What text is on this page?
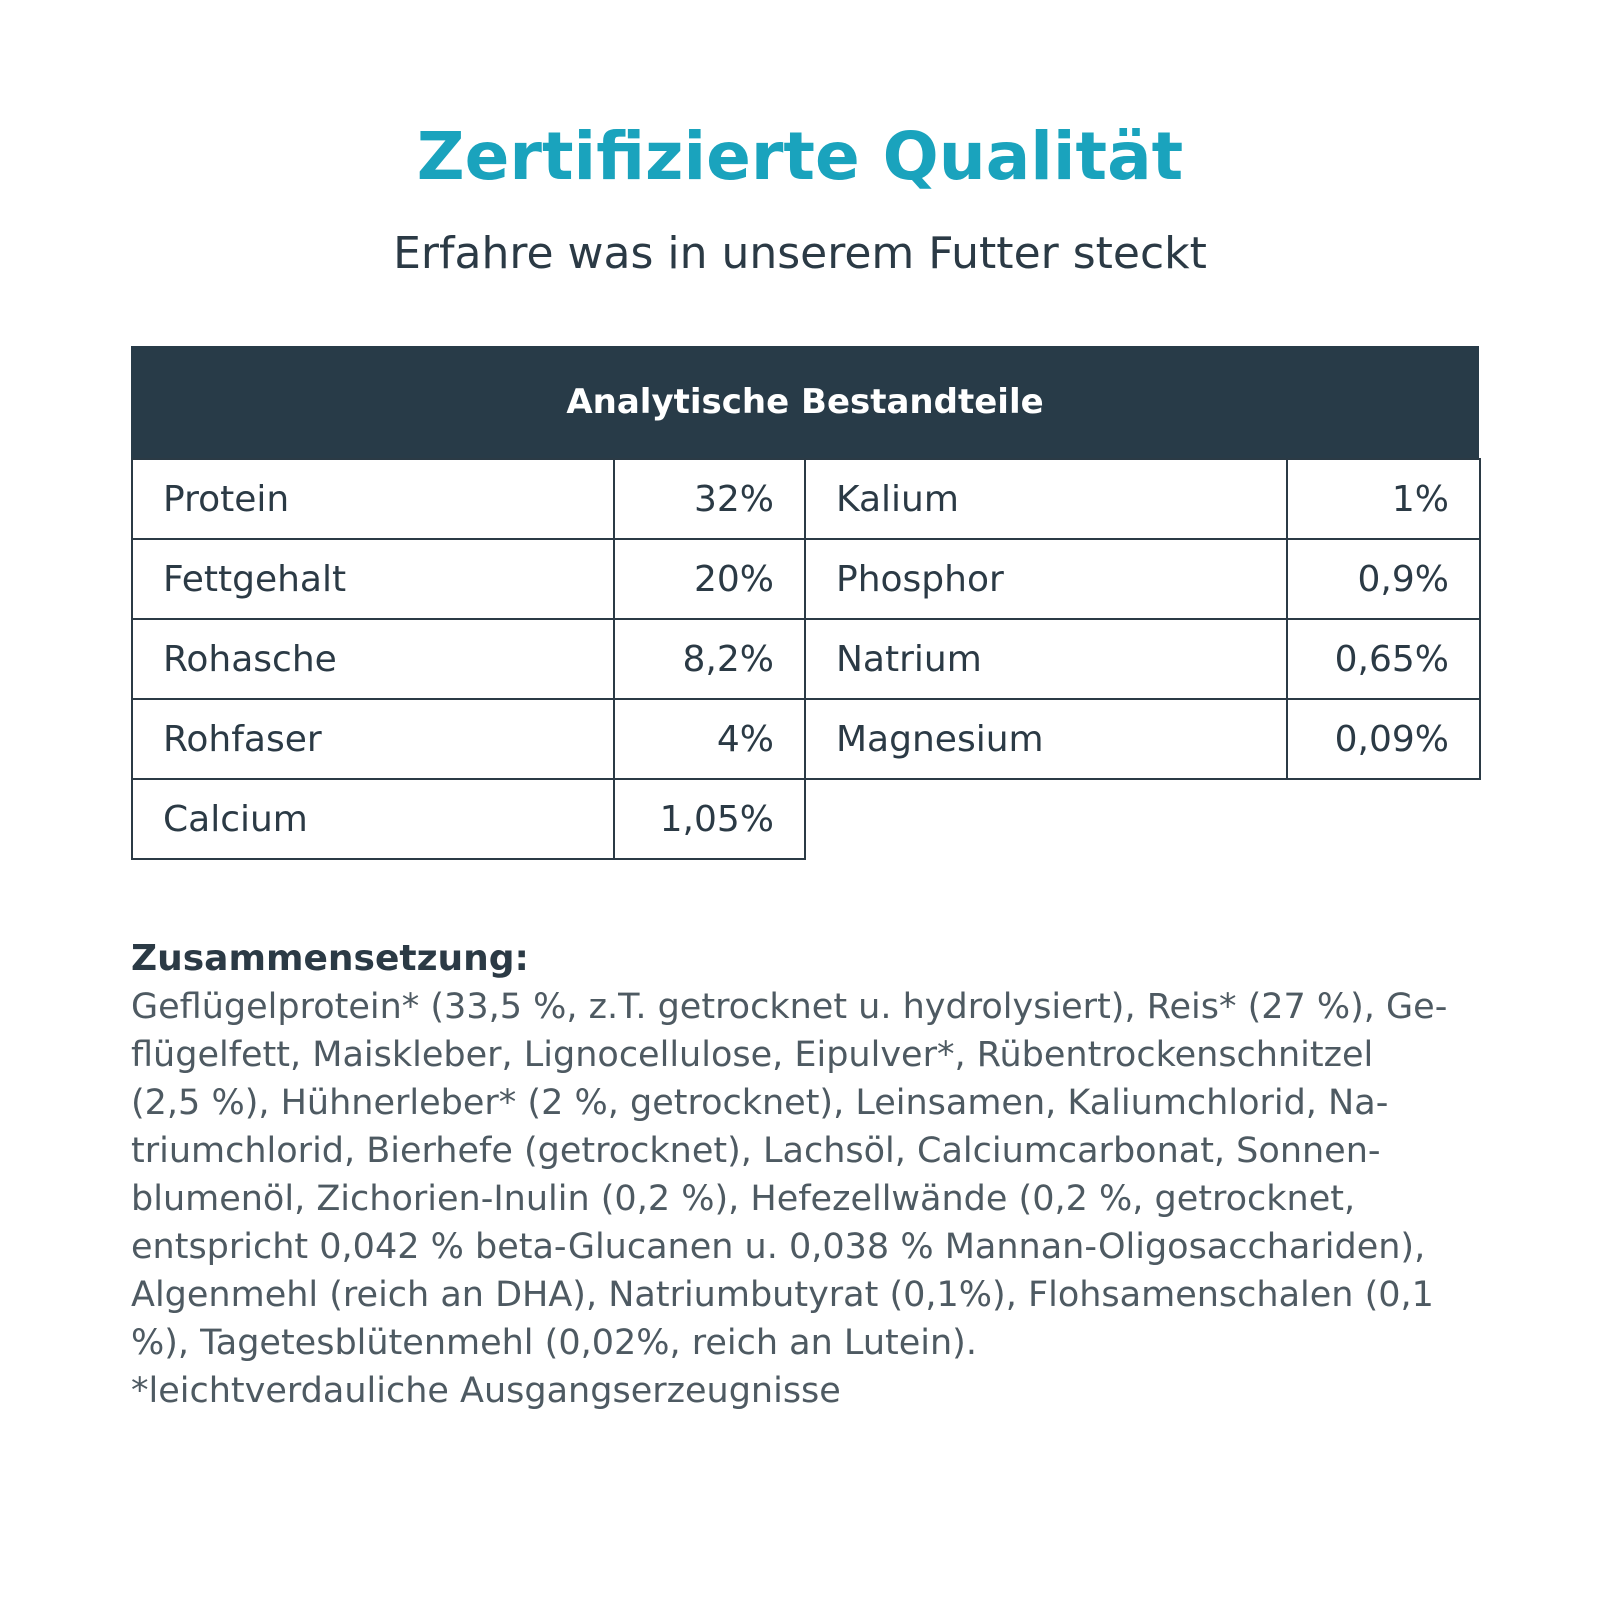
Zertifizierte Qualität
Erfahre was in unserem Futter steckt
Analytische Bestandteile
Protein	32%
Fettgehalt	20%
Rohasche	8,2%
Rohfaser	4%
Calcium	1,05%
Kalium	1%
Phosphor	0,9%
Natrium	0,65%
Magnesium	0,09%
Zusammensetzung:
Geflügelprotein* (33,5 %, z.T. getrocknet u. hydrolysiert), Reis* (27 %), Ge-
flügelfett, Maiskleber, Lignocellulose, Eipulver*, Rübentrockenschnitzel
(2,5 %), Hühnerleber* (2 %, getrocknet), Leinsamen, Kaliumchlorid, Na-
triumchlorid, Bierhefe (getrocknet), Lachsöl, Calciumcarbonat, Sonnen-
blumenöl, Zichorien-Inulin (0,2 %), Hefezellwände (0,2 %, getrocknet,
entspricht 0,042 % beta-Glucanen u. 0,038 % Mannan-Oligosacchariden),
Algenmehl (reich an DHA), Natriumbutyrat (0,1%), Flohsamenschalen (0,1
%), Tagetesblütenmehl (0,02%, reich an Lutein).
*leichtverdauliche Ausgangserzeugnisse
